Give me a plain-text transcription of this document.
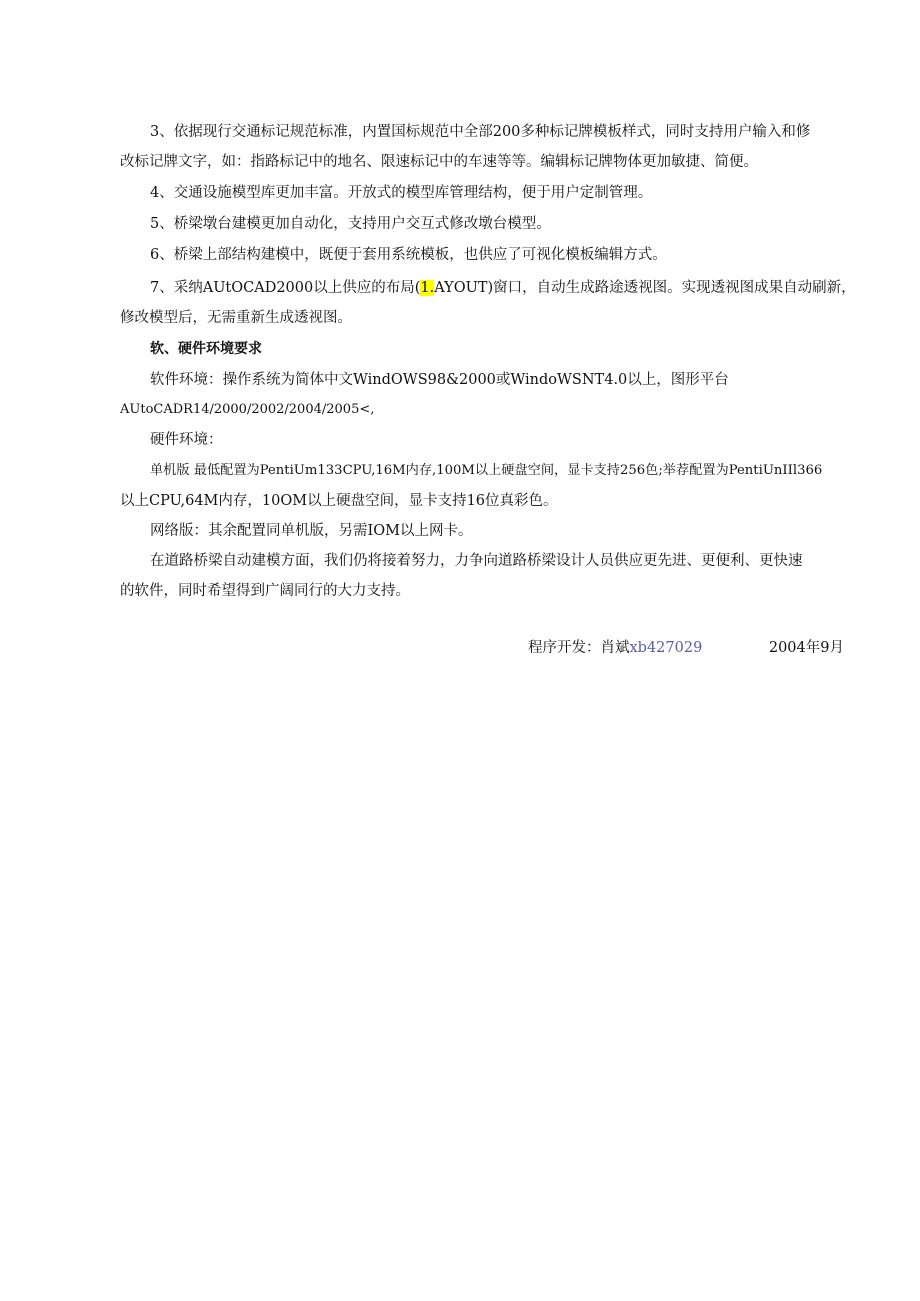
3、依据现行交通标记规范标准，内置国标规范中全部200多种标记牌模板样式，同时支持用户输入和修
改标记牌文字，如：指路标记中的地名、限速标记中的车速等等。编辑标记牌物体更加敏捷、简便。
4、交通设施模型库更加丰富。开放式的模型库管理结构，便于用户定制管理。
5、桥梁墩台建模更加自动化，支持用户交互式修改墩台模型。
6、桥梁上部结构建模中，既便于套用系统模板，也供应了可视化模板编辑方式。
7、采纳AUtOCAD2000以上供应的布局(1.AYOUT)窗口，自动生成路途透视图。实现透视图成果自动刷新，
修改模型后，无需重新生成透视图。
软、硬件环境要求
软件环境：操作系统为简体中文WindOWS98&2000或WindoWSNT4.0以上，图形平台
AUtoCADR14/2000/2002/2004/2005<,
硬件环境：
单机版 最低配置为PentiUm133CPU,16M内存,100M以上硬盘空间，显卡支持256色;举荐配置为PentiUnIIl366
以上CPU,64M内存，10OM以上硬盘空间，显卡支持16位真彩色。
网络版：其余配置同单机版，另需IOM以上网卡。
在道路桥梁自动建模方面，我们仍将接着努力，力争向道路桥梁设计人员供应更先进、更便利、更快速
的软件，同时希望得到广阔同行的大力支持。
程序开发：肖斌xb427029	2004年9月
